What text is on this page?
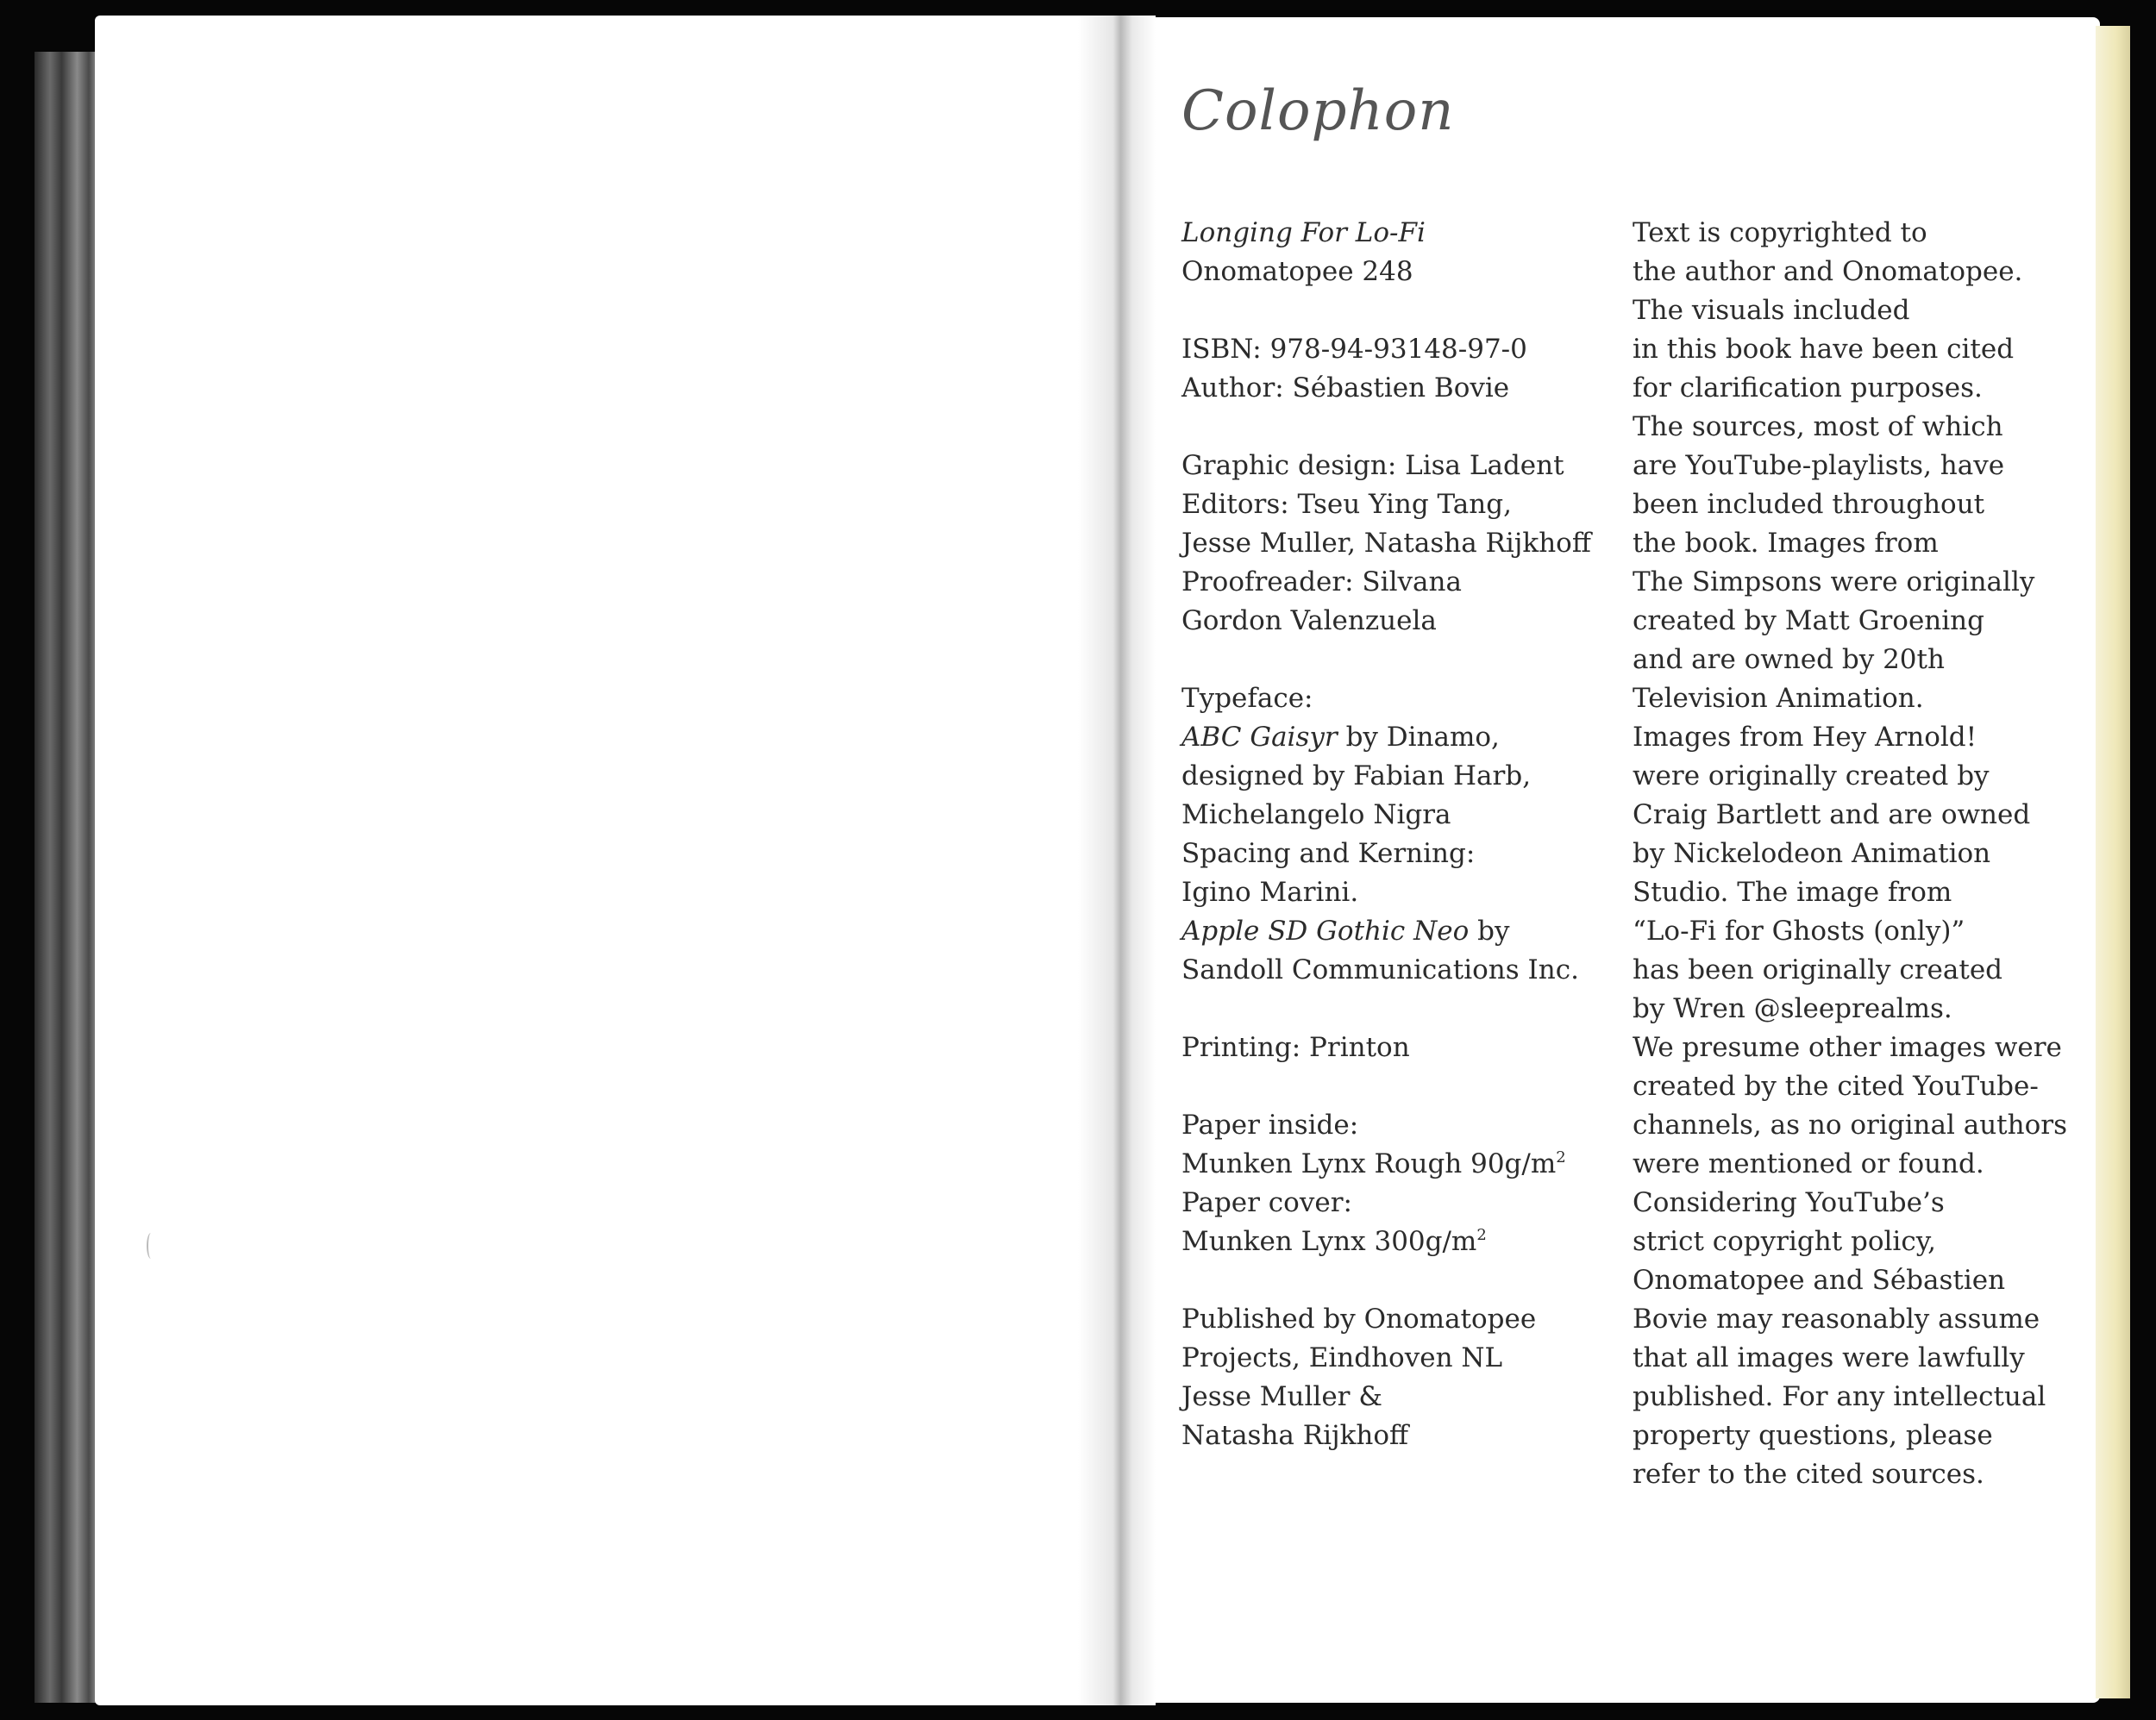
Colophon
Longing For Lo-Fi
Onomatopee 248
ISBN: 978-94-93148-97-0
Author: Sébastien Bovie
Graphic design: Lisa Ladent
Editors: Tseu Ying Tang,
Jesse Muller, Natasha Rijkhoff
Proofreader: Silvana
Gordon Valenzuela
Typeface:
ABC Gaisyr by Dinamo,
designed by Fabian Harb,
Michelangelo Nigra
Spacing and Kerning:
Igino Marini.
Apple SD Gothic Neo by
Sandoll Communications Inc.
Printing: Printon
Paper inside:
Munken Lynx Rough $90g/m^2$
Paper cover:
Munken Lynx $300g/m^2$
Published by Onomatopee
Projects, Eindhoven NL
Jesse Muller &
Natasha Rijkhoff
Text is copyrighted to
the author and Onomatopee.
The visuals included
in this book have been cited
for clarification purposes.
The sources, most of which
are YouTube-playlists, have
been included throughout
the book. Images from
The Simpsons were originally
created by Matt Groening
and are owned by 20th
Television Animation.
Images from Hey Arnold!
were originally created by
Craig Bartlett and are owned
by Nickelodeon Animation
Studio. The image from
“Lo-Fi for Ghosts (only)”
has been originally created
by Wren @sleeprealms.
We presume other images were
created by the cited YouTube-
channels, as no original authors
were mentioned or found.
Considering YouTube’s
strict copyright policy,
Onomatopee and Sébastien
Bovie may reasonably assume
that all images were lawfully
published. For any intellectual
property questions, please
refer to the cited sources.
